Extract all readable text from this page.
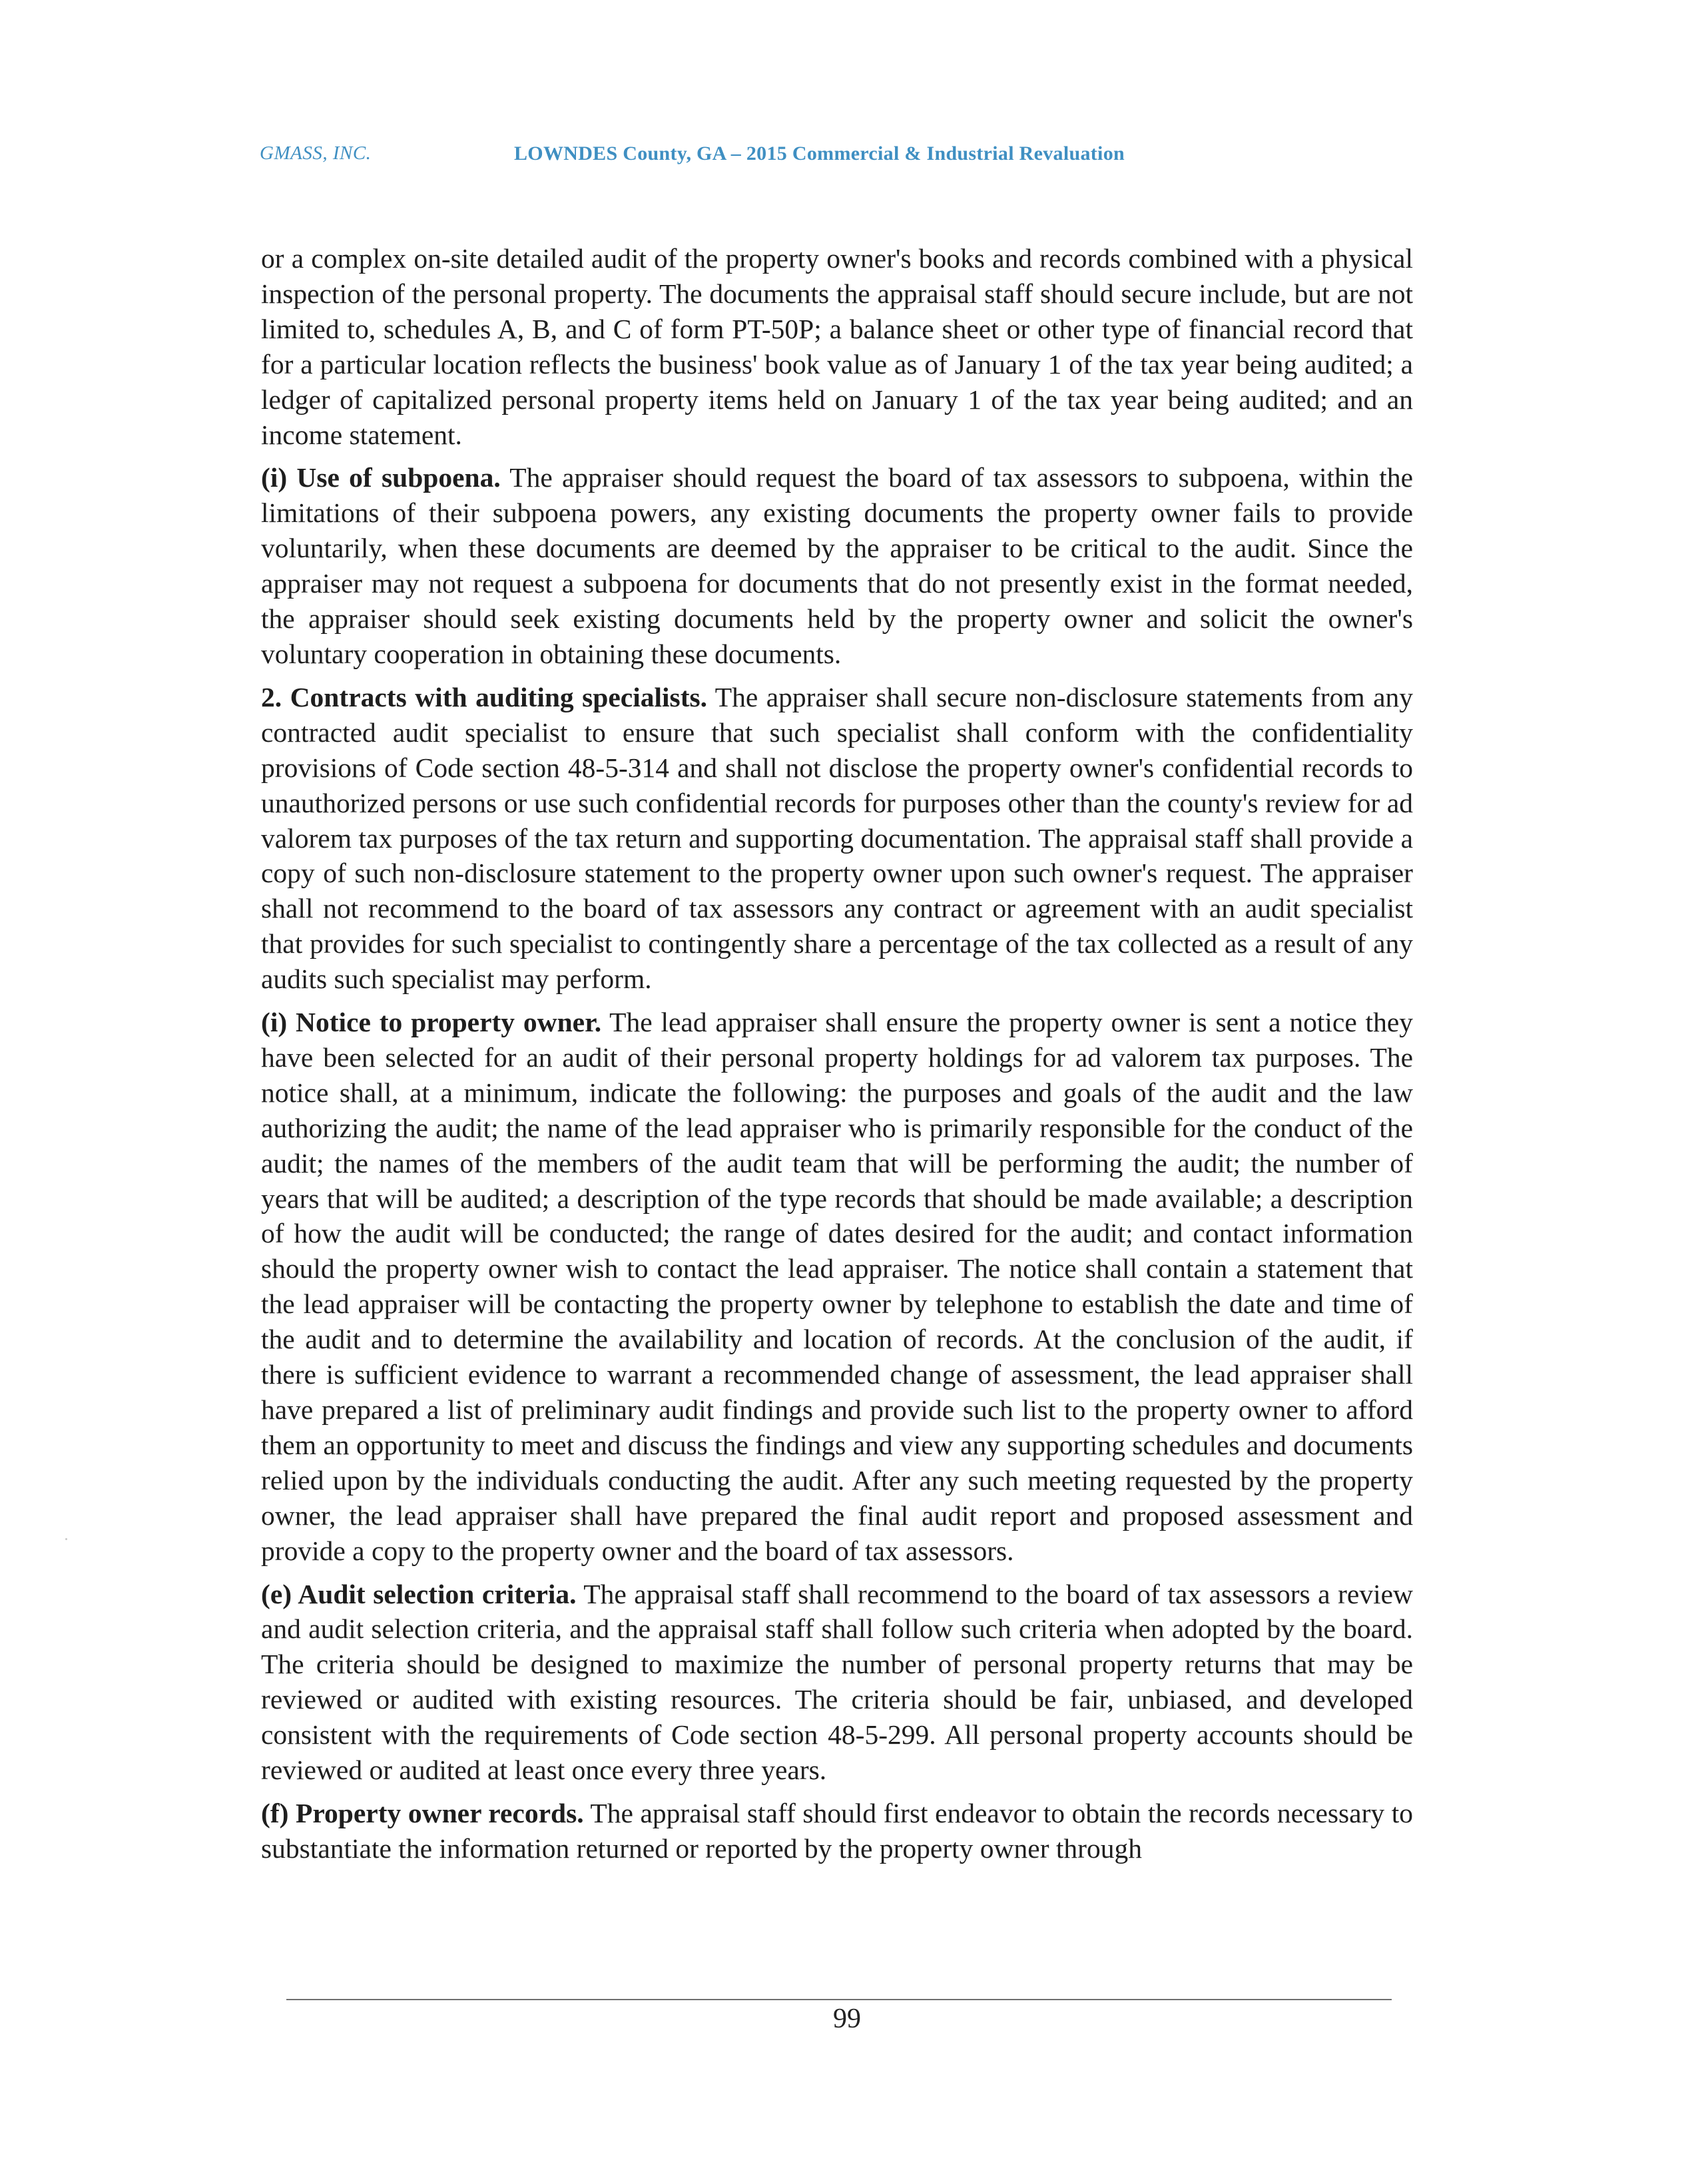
GMASS, INC.	LOWNDES County, GA – 2015 Commercial & Industrial Revaluation

or a complex on-site detailed audit of the property owner's books and records combined with a physical inspection of the personal property. The documents the appraisal staff should secure include, but are not limited to, schedules A, B, and C of form PT-50P; a balance sheet or other type of financial record that for a particular location reflects the business' book value as of January 1 of the tax year being audited; a ledger of capitalized personal property items held on January 1 of the tax year being audited; and an income statement.

(i) Use of subpoena. The appraiser should request the board of tax assessors to subpoena, within the limitations of their subpoena powers, any existing documents the property owner fails to provide voluntarily, when these documents are deemed by the appraiser to be critical to the audit. Since the appraiser may not request a subpoena for documents that do not presently exist in the format needed, the appraiser should seek existing documents held by the property owner and solicit the owner's voluntary cooperation in obtaining these documents.

2. Contracts with auditing specialists. The appraiser shall secure non-disclosure statements from any contracted audit specialist to ensure that such specialist shall conform with the confidentiality provisions of Code section 48-5-314 and shall not disclose the property owner's confidential records to unauthorized persons or use such confidential records for purposes other than the county's review for ad valorem tax purposes of the tax return and supporting documentation. The appraisal staff shall provide a copy of such non-disclosure statement to the property owner upon such owner's request. The appraiser shall not recommend to the board of tax assessors any contract or agreement with an audit specialist that provides for such specialist to contingently share a percentage of the tax collected as a result of any audits such specialist may perform.

(i) Notice to property owner. The lead appraiser shall ensure the property owner is sent a notice they have been selected for an audit of their personal property holdings for ad valorem tax purposes. The notice shall, at a minimum, indicate the following: the purposes and goals of the audit and the law authorizing the audit; the name of the lead appraiser who is primarily responsible for the conduct of the audit; the names of the members of the audit team that will be performing the audit; the number of years that will be audited; a description of the type records that should be made available; a description of how the audit will be conducted; the range of dates desired for the audit; and contact information should the property owner wish to contact the lead appraiser. The notice shall contain a statement that the lead appraiser will be contacting the property owner by telephone to establish the date and time of the audit and to determine the availability and location of records. At the conclusion of the audit, if there is sufficient evidence to warrant a recommended change of assessment, the lead appraiser shall have prepared a list of preliminary audit findings and provide such list to the property owner to afford them an opportunity to meet and discuss the findings and view any supporting schedules and documents relied upon by the individuals conducting the audit. After any such meeting requested by the property owner, the lead appraiser shall have prepared the final audit report and proposed assessment and provide a copy to the property owner and the board of tax assessors.

(e) Audit selection criteria. The appraisal staff shall recommend to the board of tax assessors a review and audit selection criteria, and the appraisal staff shall follow such criteria when adopted by the board. The criteria should be designed to maximize the number of personal property returns that may be reviewed or audited with existing resources. The criteria should be fair, unbiased, and developed consistent with the requirements of Code section 48-5-299. All personal property accounts should be reviewed or audited at least once every three years.

(f) Property owner records. The appraisal staff should first endeavor to obtain the records necessary to substantiate the information returned or reported by the property owner through

99
